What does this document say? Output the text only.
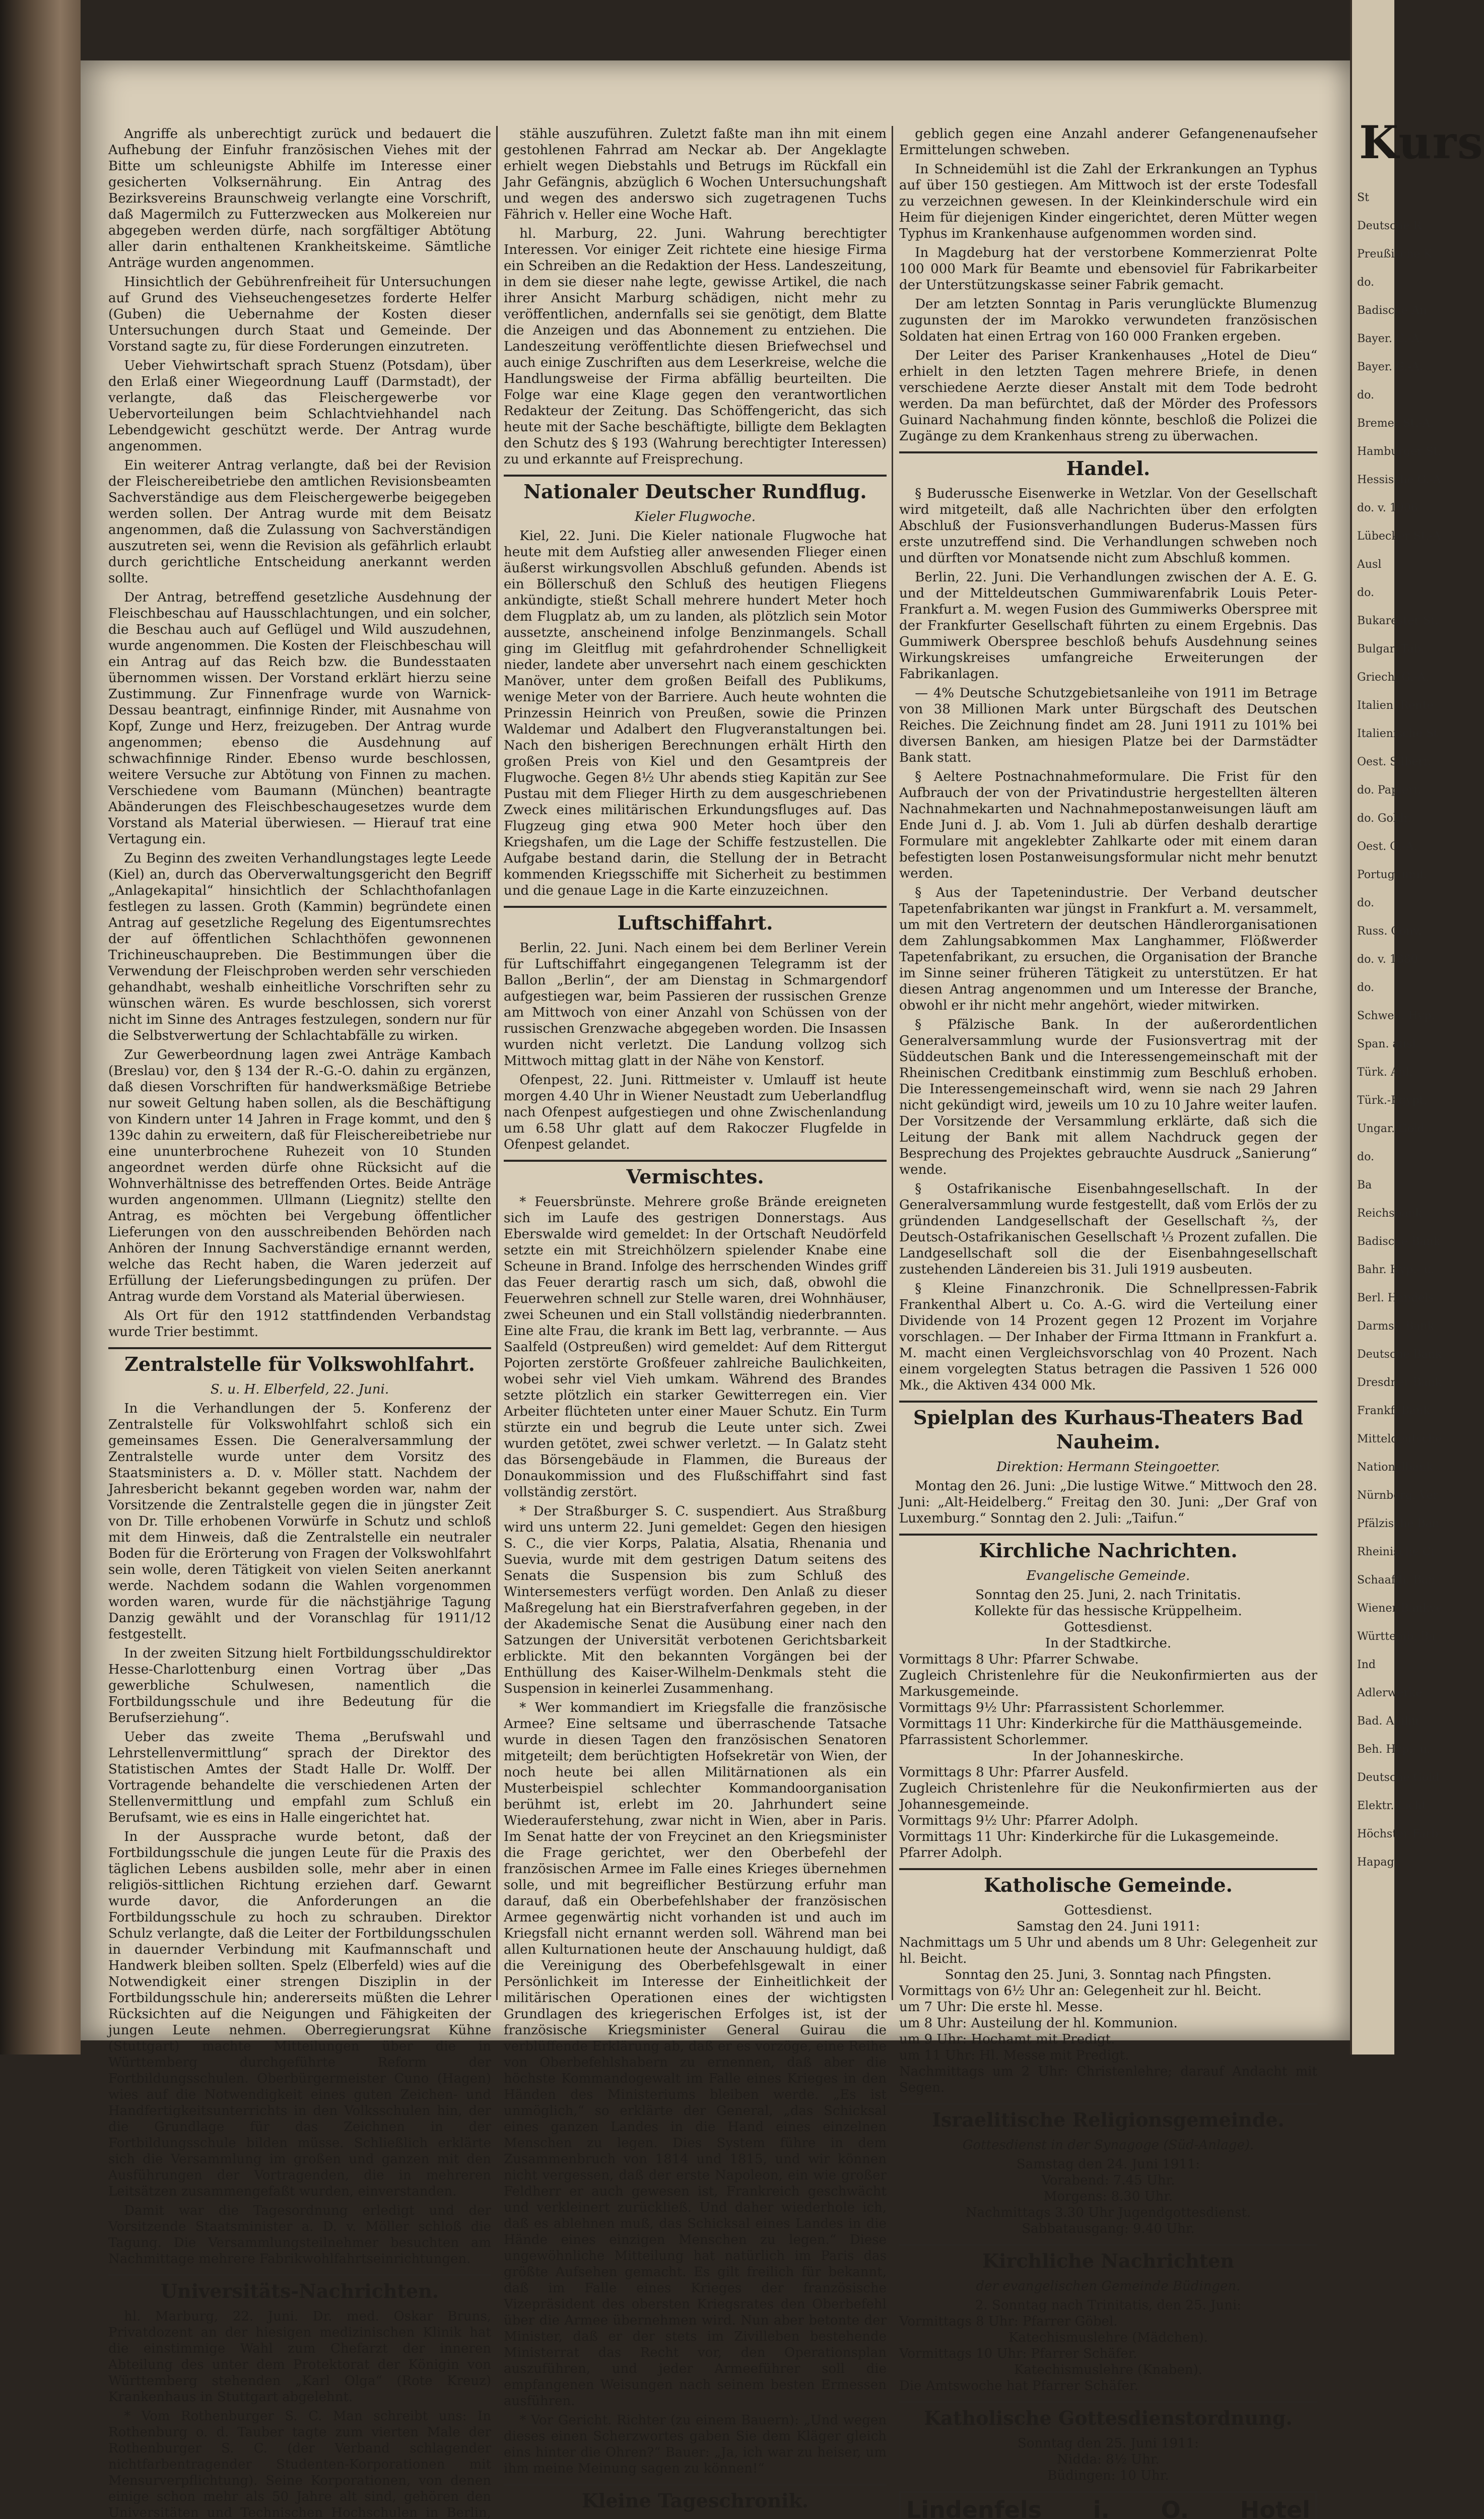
Angriffe als unberechtigt zurück und bedauert die Aufhebung der Einfuhr französischen Viehes mit der Bitte um schleunigste Abhilfe im Interesse einer gesicherten Volksernährung. Ein Antrag des Bezirksvereins Braunschweig verlangte eine Vorschrift, daß Magermilch zu Futterzwecken aus Molkereien nur abgegeben werden dürfe, nach sorgfältiger Abtötung aller darin enthaltenen Krankheitskeime. Sämtliche Anträge wurden angenommen.

Hinsichtlich der Gebührenfreiheit für Untersuchungen auf Grund des Viehseuchengesetzes forderte Helfer (Guben) die Uebernahme der Kosten dieser Untersuchungen durch Staat und Gemeinde. Der Vorstand sagte zu, für diese Forderungen einzutreten.

Ueber Viehwirtschaft sprach Stuenz (Potsdam), über den Erlaß einer Wiegeordnung Lauff (Darmstadt), der verlangte, daß das Fleischergewerbe vor Uebervorteilungen beim Schlachtviehhandel nach Lebendgewicht geschützt werde. Der Antrag wurde angenommen.

Ein weiterer Antrag verlangte, daß bei der Revision der Fleischereibetriebe den amtlichen Revisionsbeamten Sachverständige aus dem Fleischergewerbe beigegeben werden sollen. Der Antrag wurde mit dem Beisatz angenommen, daß die Zulassung von Sachverständigen auszutreten sei, wenn die Revision als gefährlich erlaubt durch gerichtliche Entscheidung anerkannt werden sollte.

Der Antrag, betreffend gesetzliche Ausdehnung der Fleischbeschau auf Hausschlachtungen, und ein solcher, die Beschau auch auf Geflügel und Wild auszudehnen, wurde angenommen. Die Kosten der Fleischbeschau will ein Antrag auf das Reich bzw. die Bundesstaaten übernommen wissen. Der Vorstand erklärt hierzu seine Zustimmung. Zur Finnenfrage wurde von Warnick-Dessau beantragt, einfinnige Rinder, mit Ausnahme von Kopf, Zunge und Herz, freizugeben. Der Antrag wurde angenommen; ebenso die Ausdehnung auf schwachfinnige Rinder. Ebenso wurde beschlossen, weitere Versuche zur Abtötung von Finnen zu machen. Verschiedene vom Baumann (München) beantragte Abänderungen des Fleischbeschaugesetzes wurde dem Vorstand als Material überwiesen. — Hierauf trat eine Vertagung ein.

Zu Beginn des zweiten Verhandlungstages legte Leede (Kiel) an, durch das Oberverwaltungsgericht den Begriff „Anlagekapital“ hinsichtlich der Schlachthofanlagen festlegen zu lassen. Groth (Kammin) begründete einen Antrag auf gesetzliche Regelung des Eigentumsrechtes der auf öffentlichen Schlachthöfen gewonnenen Trichineuschaupreben. Die Bestimmungen über die Verwendung der Fleischproben werden sehr verschieden gehandhabt, weshalb einheitliche Vorschriften sehr zu wünschen wären. Es wurde beschlossen, sich vorerst nicht im Sinne des Antrages festzulegen, sondern nur für die Selbstverwertung der Schlachtabfälle zu wirken.

Zur Gewerbeordnung lagen zwei Anträge Kambach (Breslau) vor, den § 134 der R.-G.-O. dahin zu ergänzen, daß diesen Vorschriften für handwerksmäßige Betriebe nur soweit Geltung haben sollen, als die Beschäftigung von Kindern unter 14 Jahren in Frage kommt, und den § 139c dahin zu erweitern, daß für Fleischereibetriebe nur eine ununterbrochene Ruhezeit von 10 Stunden angeordnet werden dürfe ohne Rücksicht auf die Wohnverhältnisse des betreffenden Ortes. Beide Anträge wurden angenommen. Ullmann (Liegnitz) stellte den Antrag, es möchten bei Vergebung öffentlicher Lieferungen von den ausschreibenden Behörden nach Anhören der Innung Sachverständige ernannt werden, welche das Recht haben, die Waren jederzeit auf Erfüllung der Lieferungsbedingungen zu prüfen. Der Antrag wurde dem Vorstand als Material überwiesen.

Als Ort für den 1912 stattfindenden Verbandstag wurde Trier bestimmt.

Zentralstelle für Volkswohlfahrt.
S. u. H. Elberfeld, 22. Juni.

In die Verhandlungen der 5. Konferenz der Zentralstelle für Volkswohlfahrt schloß sich ein gemeinsames Essen. Die Generalversammlung der Zentralstelle wurde unter dem Vorsitz des Staatsministers a. D. v. Möller statt. Nachdem der Jahresbericht bekannt gegeben worden war, nahm der Vorsitzende die Zentralstelle gegen die in jüngster Zeit von Dr. Tille erhobenen Vorwürfe in Schutz und schloß mit dem Hinweis, daß die Zentralstelle ein neutraler Boden für die Erörterung von Fragen der Volkswohlfahrt sein wolle, deren Tätigkeit von vielen Seiten anerkannt werde. Nachdem sodann die Wahlen vorgenommen worden waren, wurde für die nächstjährige Tagung Danzig gewählt und der Voranschlag für 1911/12 festgestellt.

In der zweiten Sitzung hielt Fortbildungsschuldirektor Hesse-Charlottenburg einen Vortrag über „Das gewerbliche Schulwesen, namentlich die Fortbildungsschule und ihre Bedeutung für die Berufserziehung“.

Ueber das zweite Thema „Berufswahl und Lehrstellenvermittlung“ sprach der Direktor des Statistischen Amtes der Stadt Halle Dr. Wolff. Der Vortragende behandelte die verschiedenen Arten der Stellenvermittlung und empfahl zum Schluß ein Berufsamt, wie es eins in Halle eingerichtet hat.

In der Aussprache wurde betont, daß der Fortbildungsschule die jungen Leute für die Praxis des täglichen Lebens ausbilden solle, mehr aber in einen religiös-sittlichen Richtung erziehen darf. Gewarnt wurde davor, die Anforderungen an die Fortbildungsschule zu hoch zu schrauben. Direktor Schulz verlangte, daß die Leiter der Fortbildungsschulen in dauernder Verbindung mit Kaufmannschaft und Handwerk bleiben sollten. Spelz (Elberfeld) wies auf die Notwendigkeit einer strengen Disziplin in der Fortbildungsschule hin; andererseits müßten die Lehrer Rücksichten auf die Neigungen und Fähigkeiten der jungen Leute nehmen. Oberregierungsrat Kühne (Stuttgart) machte Mitteilungen über die in Württemberg durchgeführte Reform der Fortbildungsschulen. Oberbürgermeister Cuno (Hagen) wies auf die Notwendigkeit eines guten Zeichen- und Handfertigkeitsunterrichts in den Volksschulen hin, der die Grundlage für das Zeichnen in der Fortbildungsschule bilden müsse. Schließlich erklärte sich die Versammlung im großen und ganzen mit den Ausführungen der Vortragenden, die in mehreren Leitsätzen zusammengefaßt wurden, einverstanden.

Damit war die Tagesordnung erledigt und der Vorsitzende Staatsminister a. D. v. Möller schloß die Tagung. Die Versammlungsteilnehmer besuchten am Nachmittage mehrere Fabrikwohlfahrtseinrichtungen.

Universitäts-Nachrichten.

hl. Marburg, 22. Juni. Dr. med. Oskar Bruns, Privatdozent an der hiesigen medizinischen Klinik hat die einstimmige Wahl zum Chefarzt der inneren Abteilung des unter dem Protektorat der Königin von Württemberg stehenden „Karl Olga“ (Rote Kreuz) Krankenhaus in Stuttgart abgelehnt.

* Vom Rothenburger S. C. Man schreibt uns: In Rothenburg o. d. Tauber tagte zum vierten Male der Rothenburger S. C. (der Verband schlagender nichtfarbentragender Studenten-Korporationen mit Mensurverpflichtung). Seine Korporationen, von denen einige schon mehr als 50 Jahre alt sind, gehören den Universitäten und Technischen Hochschulen in Berlin,

stähle auszuführen. Zuletzt faßte man ihn mit einem gestohlenen Fahrrad am Neckar ab. Der Angeklagte erhielt wegen Diebstahls und Betrugs im Rückfall ein Jahr Gefängnis, abzüglich 6 Wochen Untersuchungshaft und wegen des anderswo sich zugetragenen Tuchs Fährich v. Heller eine Woche Haft.

hl. Marburg, 22. Juni. Wahrung berechtigter Interessen. Vor einiger Zeit richtete eine hiesige Firma ein Schreiben an die Redaktion der Hess. Landeszeitung, in dem sie dieser nahe legte, gewisse Artikel, die nach ihrer Ansicht Marburg schädigen, nicht mehr zu veröffentlichen, andernfalls sei sie genötigt, dem Blatte die Anzeigen und das Abonnement zu entziehen. Die Landeszeitung veröffentlichte diesen Briefwechsel und auch einige Zuschriften aus dem Leserkreise, welche die Handlungsweise der Firma abfällig beurteilten. Die Folge war eine Klage gegen den verantwortlichen Redakteur der Zeitung. Das Schöffengericht, das sich heute mit der Sache beschäftigte, billigte dem Beklagten den Schutz des § 193 (Wahrung berechtigter Interessen) zu und erkannte auf Freisprechung.

Nationaler Deutscher Rundflug.
Kieler Flugwoche.

Kiel, 22. Juni. Die Kieler nationale Flugwoche hat heute mit dem Aufstieg aller anwesenden Flieger einen äußerst wirkungsvollen Abschluß gefunden. Abends ist ein Böllerschuß den Schluß des heutigen Fliegens ankündigte, stießt Schall mehrere hundert Meter hoch dem Flugplatz ab, um zu landen, als plötzlich sein Motor aussetzte, anscheinend infolge Benzinmangels. Schall ging im Gleitflug mit gefahrdrohender Schnelligkeit nieder, landete aber unversehrt nach einem geschickten Manöver, unter dem großen Beifall des Publikums, wenige Meter von der Barriere. Auch heute wohnten die Prinzessin Heinrich von Preußen, sowie die Prinzen Waldemar und Adalbert den Flugveranstaltungen bei. Nach den bisherigen Berechnungen erhält Hirth den großen Preis von Kiel und den Gesamtpreis der Flugwoche. Gegen 8½ Uhr abends stieg Kapitän zur See Pustau mit dem Flieger Hirth zu dem ausgeschriebenen Zweck eines militärischen Erkundungsfluges auf. Das Flugzeug ging etwa 900 Meter hoch über den Kriegshafen, um die Lage der Schiffe festzustellen. Die Aufgabe bestand darin, die Stellung der in Betracht kommenden Kriegsschiffe mit Sicherheit zu bestimmen und die genaue Lage in die Karte einzuzeichnen.

Luftschiffahrt.

Berlin, 22. Juni. Nach einem bei dem Berliner Verein für Luftschiffahrt eingegangenen Telegramm ist der Ballon „Berlin“, der am Dienstag in Schmargendorf aufgestiegen war, beim Passieren der russischen Grenze am Mittwoch von einer Anzahl von Schüssen von der russischen Grenzwache abgegeben worden. Die Insassen wurden nicht verletzt. Die Landung vollzog sich Mittwoch mittag glatt in der Nähe von Kenstorf.

Ofenpest, 22. Juni. Rittmeister v. Umlauff ist heute morgen 4.40 Uhr in Wiener Neustadt zum Ueberlandflug nach Ofenpest aufgestiegen und ohne Zwischenlandung um 6.58 Uhr glatt auf dem Rakoczer Flugfelde in Ofenpest gelandet.

Vermischtes.

* Feuersbrünste. Mehrere große Brände ereigneten sich im Laufe des gestrigen Donnerstags. Aus Eberswalde wird gemeldet: In der Ortschaft Neudörfeld setzte ein mit Streichhölzern spielender Knabe eine Scheune in Brand. Infolge des herrschenden Windes griff das Feuer derartig rasch um sich, daß, obwohl die Feuerwehren schnell zur Stelle waren, drei Wohnhäuser, zwei Scheunen und ein Stall vollständig niederbrannten. Eine alte Frau, die krank im Bett lag, verbrannte. — Aus Saalfeld (Ostpreußen) wird gemeldet: Auf dem Rittergut Pojorten zerstörte Großfeuer zahlreiche Baulichkeiten, wobei sehr viel Vieh umkam. Während des Brandes setzte plötzlich ein starker Gewitterregen ein. Vier Arbeiter flüchteten unter einer Mauer Schutz. Ein Turm stürzte ein und begrub die Leute unter sich. Zwei wurden getötet, zwei schwer verletzt. — In Galatz steht das Börsengebäude in Flammen, die Bureaus der Donaukommission und des Flußschiffahrt sind fast vollständig zerstört.

* Der Straßburger S. C. suspendiert. Aus Straßburg wird uns unterm 22. Juni gemeldet: Gegen den hiesigen S. C., die vier Korps, Palatia, Alsatia, Rhenania und Suevia, wurde mit dem gestrigen Datum seitens des Senats die Suspension bis zum Schluß des Wintersemesters verfügt worden. Den Anlaß zu dieser Maßregelung hat ein Bierstrafverfahren gegeben, in der der Akademische Senat die Ausübung einer nach den Satzungen der Universität verbotenen Gerichtsbarkeit erblickte. Mit den bekannten Vorgängen bei der Enthüllung des Kaiser-Wilhelm-Denkmals steht die Suspension in keinerlei Zusammenhang.

* Wer kommandiert im Kriegsfalle die französische Armee? Eine seltsame und überraschende Tatsache wurde in diesen Tagen den französischen Senatoren mitgeteilt; dem berüchtigten Hofsekretär von Wien, der noch heute bei allen Militärnationen als ein Musterbeispiel schlechter Kommandoorganisation berühmt ist, erlebt im 20. Jahrhundert seine Wiederauferstehung, zwar nicht in Wien, aber in Paris. Im Senat hatte der von Freycinet an den Kriegsminister die Frage gerichtet, wer den Oberbefehl der französischen Armee im Falle eines Krieges übernehmen solle, und mit begreiflicher Bestürzung erfuhr man darauf, daß ein Oberbefehlshaber der französischen Armee gegenwärtig nicht vorhanden ist und auch im Kriegsfall nicht ernannt werden soll. Während man bei allen Kulturnationen heute der Anschauung huldigt, daß die Vereinigung des Oberbefehlsgewalt in einer Persönlichkeit im Interesse der Einheitlichkeit der militärischen Operationen eines der wichtigsten Grundlagen des kriegerischen Erfolges ist, ist der französische Kriegsminister General Guirau die verblüffende Erklärung ab, daß er es vorzöge, eine Reihe von Oberbefehlshabern zu ernennen, daß aber die höchste Kommandogewalt im Falle eines Krieges in den Händen des Ministeriums bleiben werde. „Es ist unmöglich,“ so erklärte der General, „das Schicksal eines ganzen Landes in die Hand eines einzelnen Menschen zu legen. Dies System führe in dem Zusammenbruch von 1814 und 1815, und wir können nicht vergessen, daß der erste Napoleon, ein wie großer Feldherr er auch gewesen ist, Frankreich geschwächt und verkleinert zurückließ. Und daher wiederhole ich, daß es ablehnen muß, das Schicksal eines Landes in die Hände eines einzigen Menschen zu legen.“ Diese ungewöhnliche Mitteilung hat natürlich im Paris das größte Aufsehen gemacht. Es gilt freilich für bekannt, daß im Falle eines Krieges der französische Vizepräsident des obersten Kriegsrates den Oberbefehl über die Armee übernehmen wird. Nun aber betonte der Minister, daß er der stets im Zivilleben bestehende Ministerrat das Recht vor, den Operationsplan auszuführen, und jeder Armeeführer soll die empfangenen Weisungen nach seinem besten Ermessen ausführen.

* Vor Gericht. Richter (zu einem Bauern): „Und wegen dieses einen Scherzwortes gaben Sie dem Kläger gleich eins hinter die Ohren?“ Bauer: „Ja, ich war zu heiser, um ihm meine Meinung sagen zu können!“

Kleine Tageschronik.

geblich gegen eine Anzahl anderer Gefangenenaufseher Ermittelungen schweben.

In Schneidemühl ist die Zahl der Erkrankungen an Typhus auf über 150 gestiegen. Am Mittwoch ist der erste Todesfall zu verzeichnen gewesen. In der Kleinkinderschule wird ein Heim für diejenigen Kinder eingerichtet, deren Mütter wegen Typhus im Krankenhause aufgenommen worden sind.

In Magdeburg hat der verstorbene Kommerzienrat Polte 100 000 Mark für Beamte und ebensoviel für Fabrikarbeiter der Unterstützungskasse seiner Fabrik gemacht.

Der am letzten Sonntag in Paris verunglückte Blumenzug zugunsten der im Marokko verwundeten französischen Soldaten hat einen Ertrag von 160 000 Franken ergeben.

Der Leiter des Pariser Krankenhauses „Hotel de Dieu“ erhielt in den letzten Tagen mehrere Briefe, in denen verschiedene Aerzte dieser Anstalt mit dem Tode bedroht werden. Da man befürchtet, daß der Mörder des Professors Guinard Nachahmung finden könnte, beschloß die Polizei die Zugänge zu dem Krankenhaus streng zu überwachen.

Handel.

§ Buderussche Eisenwerke in Wetzlar. Von der Gesellschaft wird mitgeteilt, daß alle Nachrichten über den erfolgten Abschluß der Fusionsverhandlungen Buderus-Massen fürs erste unzutreffend sind. Die Verhandlungen schweben noch und dürften vor Monatsende nicht zum Abschluß kommen.

Berlin, 22. Juni. Die Verhandlungen zwischen der A. E. G. und der Mitteldeutschen Gummiwarenfabrik Louis Peter-Frankfurt a. M. wegen Fusion des Gummiwerks Oberspree mit der Frankfurter Gesellschaft führten zu einem Ergebnis. Das Gummiwerk Oberspree beschloß behufs Ausdehnung seines Wirkungskreises umfangreiche Erweiterungen der Fabrikanlagen.

— 4% Deutsche Schutzgebietsanleihe von 1911 im Betrage von 38 Millionen Mark unter Bürgschaft des Deutschen Reiches. Die Zeichnung findet am 28. Juni 1911 zu 101% bei diversen Banken, am hiesigen Platze bei der Darmstädter Bank statt.

§ Aeltere Postnachnahmeformulare. Die Frist für den Aufbrauch der von der Privatindustrie hergestellten älteren Nachnahmekarten und Nachnahmepostanweisungen läuft am Ende Juni d. J. ab. Vom 1. Juli ab dürfen deshalb derartige Formulare mit angeklebter Zahlkarte oder mit einem daran befestigten losen Postanweisungsformular nicht mehr benutzt werden.

§ Aus der Tapetenindustrie. Der Verband deutscher Tapetenfabrikanten war jüngst in Frankfurt a. M. versammelt, um mit den Vertretern der deutschen Händlerorganisationen dem Zahlungsabkommen Max Langhammer, Flößwerder Tapetenfabrikant, zu ersuchen, die Organisation der Branche im Sinne seiner früheren Tätigkeit zu unterstützen. Er hat diesen Antrag angenommen und um Interesse der Branche, obwohl er ihr nicht mehr angehört, wieder mitwirken.

§ Pfälzische Bank. In der außerordentlichen Generalversammlung wurde der Fusionsvertrag mit der Süddeutschen Bank und die Interessengemeinschaft mit der Rheinischen Creditbank einstimmig zum Beschluß erhoben. Die Interessengemeinschaft wird, wenn sie nach 29 Jahren nicht gekündigt wird, jeweils um 10 zu 10 Jahre weiter laufen. Der Vorsitzende der Versammlung erklärte, daß sich die Leitung der Bank mit allem Nachdruck gegen der Besprechung des Projektes gebrauchte Ausdruck „Sanierung“ wende.

§ Ostafrikanische Eisenbahngesellschaft. In der Generalversammlung wurde festgestellt, daß vom Erlös der zu gründenden Landgesellschaft der Gesellschaft ⅔, der Deutsch-Ostafrikanischen Gesellschaft ⅓ Prozent zufallen. Die Landgesellschaft soll die der Eisenbahngesellschaft zustehenden Ländereien bis 31. Juli 1919 ausbeuten.

§ Kleine Finanzchronik. Die Schnellpressen-Fabrik Frankenthal Albert u. Co. A.-G. wird die Verteilung einer Dividende von 14 Prozent gegen 12 Prozent im Vorjahre vorschlagen. — Der Inhaber der Firma Ittmann in Frankfurt a. M. macht einen Vergleichsvorschlag von 40 Prozent. Nach einem vorgelegten Status betragen die Passiven 1 526 000 Mk., die Aktiven 434 000 Mk.

Spielplan des Kurhaus-Theaters Bad Nauheim.
Direktion: Hermann Steingoetter.

Montag den 26. Juni: „Die lustige Witwe.“ Mittwoch den 28. Juni: „Alt-Heidelberg.“ Freitag den 30. Juni: „Der Graf von Luxemburg.“ Sonntag den 2. Juli: „Taifun.“

Kirchliche Nachrichten.
Evangelische Gemeinde.

Sonntag den 25. Juni, 2. nach Trinitatis.

Kollekte für das hessische Krüppelheim.

Gottesdienst.

In der Stadtkirche.

Vormittags 8 Uhr: Pfarrer Schwabe.

Zugleich Christenlehre für die Neukonfirmierten aus der Markusgemeinde.

Vormittags 9½ Uhr: Pfarrassistent Schorlemmer.

Vormittags 11 Uhr: Kinderkirche für die Matthäusgemeinde.

Pfarrassistent Schorlemmer.

In der Johanneskirche.

Vormittags 8 Uhr: Pfarrer Ausfeld.

Zugleich Christenlehre für die Neukonfirmierten aus der Johannesgemeinde.

Vormittags 9½ Uhr: Pfarrer Adolph.

Vormittags 11 Uhr: Kinderkirche für die Lukasgemeinde.

Pfarrer Adolph.

Katholische Gemeinde.

Gottesdienst.

Samstag den 24. Juni 1911:

Nachmittags um 5 Uhr und abends um 8 Uhr: Gelegenheit zur hl. Beicht.

Sonntag den 25. Juni, 3. Sonntag nach Pfingsten.

Vormittags von 6½ Uhr an: Gelegenheit zur hl. Beicht.

um 7 Uhr: Die erste hl. Messe.

um 8 Uhr: Austeilung der hl. Kommunion.

um 9 Uhr: Hochamt mit Predigt.

um 11 Uhr: Hl. Messe mit Predigt.

Nachmittags um 2 Uhr: Christenlehre; darauf Andacht mit Segen.

Israelitische Religionsgemeinde.
Gottesdienst in der Synagoge (Süd-Anlage).

Samstag den 24. Juni 1911:

Vorabend: 7.45 Uhr.

Morgens: 8.30 Uhr.

Nachmittags 3.30 Uhr Jugendgottesdienst.

Sabbatausgang: 9.40 Uhr.

Kirchliche Nachrichten
der evangelischen Gemeinde Büdingen.

2. Sonntag nach Trinitatis, den 25. Juni:

Vormittags 8 Uhr: Pfarrer Göbel.

Katechismuslehre (Mädchen).

Vormittags 10 Uhr: Pfarrer Schäfer.

Katechismuslehre (Knaben).

Die Amtswoche hat Pfarrer Schäfer.

Katholische Gottesdienstordnung.

Sonntag den 25. Juni 1911:

Nidda: 8½ Uhr.

Büdingen: 10 Uhr.

Lindenfels i. O. Hotel
Kurs
St
Deutsche R
Preußische K
do.
Badische An
Bayer. G.-A.
Bayer. G.-A.
do.
Bremer St.-A.
Hamburger St.
Hessische G.-A
do. v. 1906
Lübecker St.-A
Ausl
do.
Bukarester St.
Bulgar. Tab.
Griech. G.-A.
Italien. Rente
Italienische St
Oest. Silberr.
do. Papierr.
do. Goldr.
Oest. G.-A.
Portug. unif.
do.
Russ. Conv.
do. v. 1880
do.
Schwed. Hyp.
Span. ausl.
Türk. Anl.
Türk.-Egypt.
Ungar. Gold
do.
Ba
Reichsbank
Badische Bank
Bahr. Hyp.- u.
Berl. Handels
Darmst. Bank
Deutsche Bank
Dresdner Bank
Frankf. Bank
Mitteldeutsche
Nationalbank
Nürnberg. Ver
Pfälzische Ban
Rheinische Cr
Schaaffh. Ban
Wiener Bankve
Württemb. Ba
Ind
Adlerwerke
Bad. Anilin
Beh. Hyp.- u.
Deutsche Gold
Elektr. Licht
Höchster Farb
Hapag
